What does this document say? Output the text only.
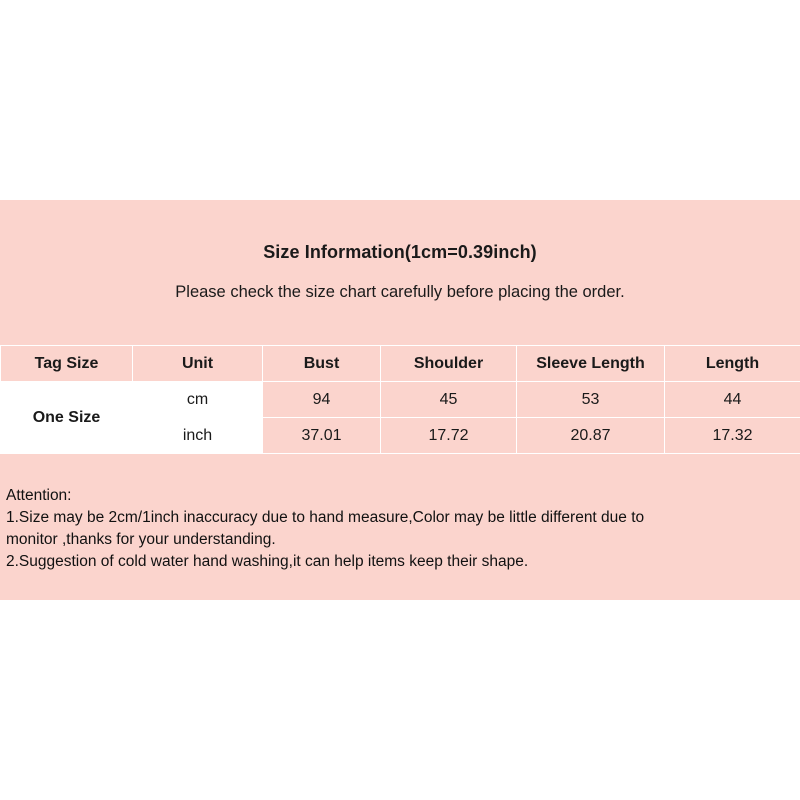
Size Information(1cm=0.39inch)
Please check the size chart carefully before placing the order.
Tag Size	Unit	Bust	Shoulder	Sleeve Length	Length
One Size	cm	94	45	53	44
	inch	37.01	17.72	20.87	17.32
Attention:
1.Size may be 2cm/1inch inaccuracy due to hand measure,Color may be little different due to
monitor ,thanks for your understanding.
2.Suggestion of cold water hand washing,it can help items keep their shape.
